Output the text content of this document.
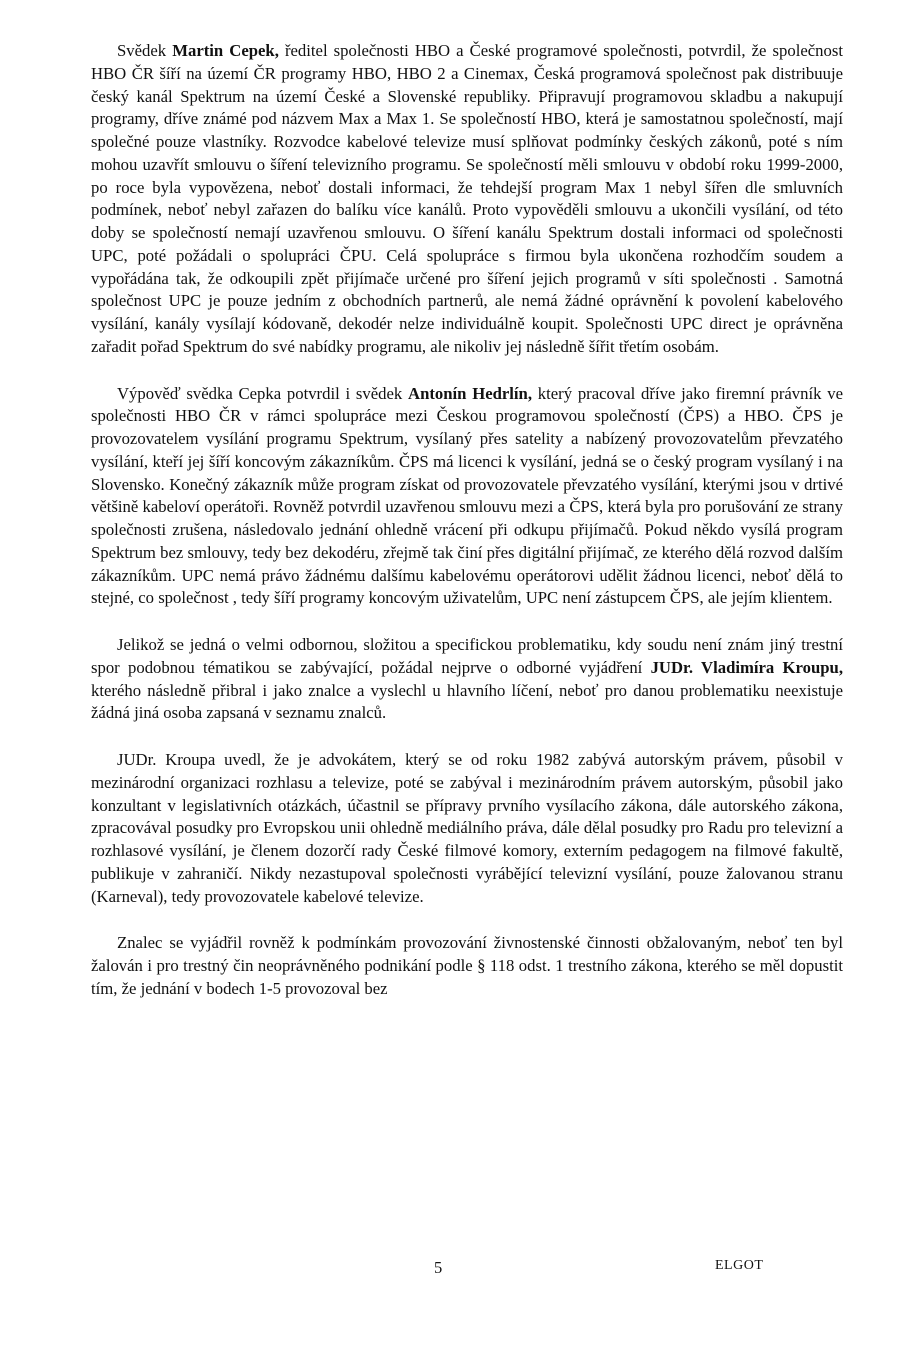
Svědek Martin Cepek, ředitel společnosti HBO a České programové společnosti, potvrdil, že společnost HBO ČR šíří na území ČR programy HBO, HBO 2 a Cinemax, Česká programová společnost pak distribuuje český kanál Spektrum na území České a Slovenské republiky. Připravují programovou skladbu a nakupují programy, dříve známé pod názvem Max a Max 1. Se společností HBO, která je samostatnou společností, mají společné pouze vlastníky. Rozvodce kabelové televize musí splňovat podmínky českých zákonů, poté s ním mohou uzavřít smlouvu o šíření televizního programu. Se společností měli smlouvu v období roku 1999-2000, po roce byla vypovězena, neboť dostali informaci, že tehdejší program Max 1 nebyl šířen dle smluvních podmínek, neboť nebyl zařazen do balíku více kanálů. Proto vypověděli smlouvu a ukončili vysílání, od této doby se společností nemají uzavřenou smlouvu. O šíření kanálu Spektrum dostali informaci od společnosti UPC, poté požádali o spolupráci ČPU. Celá spolupráce s firmou byla ukončena rozhodčím soudem a vypořádána tak, že odkoupili zpět přijímače určené pro šíření jejich programů v síti společnosti . Samotná společnost UPC je pouze jedním z obchodních partnerů, ale nemá žádné oprávnění k povolení kabelového vysílání, kanály vysílají kódovaně, dekodér nelze individuálně koupit. Společnosti UPC direct je oprávněna zařadit pořad Spektrum do své nabídky programu, ale nikoliv jej následně šířit třetím osobám.

Výpověď svědka Cepka potvrdil i svědek Antonín Hedrlín, který pracoval dříve jako firemní právník ve společnosti HBO ČR v rámci spolupráce mezi Českou programovou společností (ČPS) a HBO. ČPS je provozovatelem vysílání programu Spektrum, vysílaný přes satelity a nabízený provozovatelům převzatého vysílání, kteří jej šíří koncovým zákazníkům. ČPS má licenci k vysílání, jedná se o český program vysílaný i na Slovensko. Konečný zákazník může program získat od provozovatele převzatého vysílání, kterými jsou v drtivé většině kabeloví operátoři. Rovněž potvrdil uzavřenou smlouvu mezi a ČPS, která byla pro porušování ze strany společnosti zrušena, následovalo jednání ohledně vrácení při odkupu přijímačů. Pokud někdo vysílá program Spektrum bez smlouvy, tedy bez dekodéru, zřejmě tak činí přes digitální přijímač, ze kterého dělá rozvod dalším zákazníkům. UPC nemá právo žádnému dalšímu kabelovému operátorovi udělit žádnou licenci, neboť dělá to stejné, co společnost , tedy šíří programy koncovým uživatelům, UPC není zástupcem ČPS, ale jejím klientem.

Jelikož se jedná o velmi odbornou, složitou a specifickou problematiku, kdy soudu není znám jiný trestní spor podobnou tématikou se zabývající, požádal nejprve o odborné vyjádření JUDr. Vladimíra Kroupu, kterého následně přibral i jako znalce a vyslechl u hlavního líčení, neboť pro danou problematiku neexistuje žádná jiná osoba zapsaná v seznamu znalců.

JUDr. Kroupa uvedl, že je advokátem, který se od roku 1982 zabývá autorským právem, působil v mezinárodní organizaci rozhlasu a televize, poté se zabýval i mezinárodním právem autorským, působil jako konzultant v legislativních otázkách, účastnil se přípravy prvního vysílacího zákona, dále autorského zákona, zpracovával posudky pro Evropskou unii ohledně mediálního práva, dále dělal posudky pro Radu pro televizní a rozhlasové vysílání, je členem dozorčí rady České filmové komory, externím pedagogem na filmové fakultě, publikuje v zahraničí. Nikdy nezastupoval společnosti vyrábějící televizní vysílání, pouze žalovanou stranu (Karneval), tedy provozovatele kabelové televize.

Znalec se vyjádřil rovněž k podmínkám provozování živnostenské činnosti obžalovaným, neboť ten byl žalován i pro trestný čin neoprávněného podnikání podle § 118 odst. 1 trestního zákona, kterého se měl dopustit tím, že jednání v bodech 1-5 provozoval bez

5	ELGOT
